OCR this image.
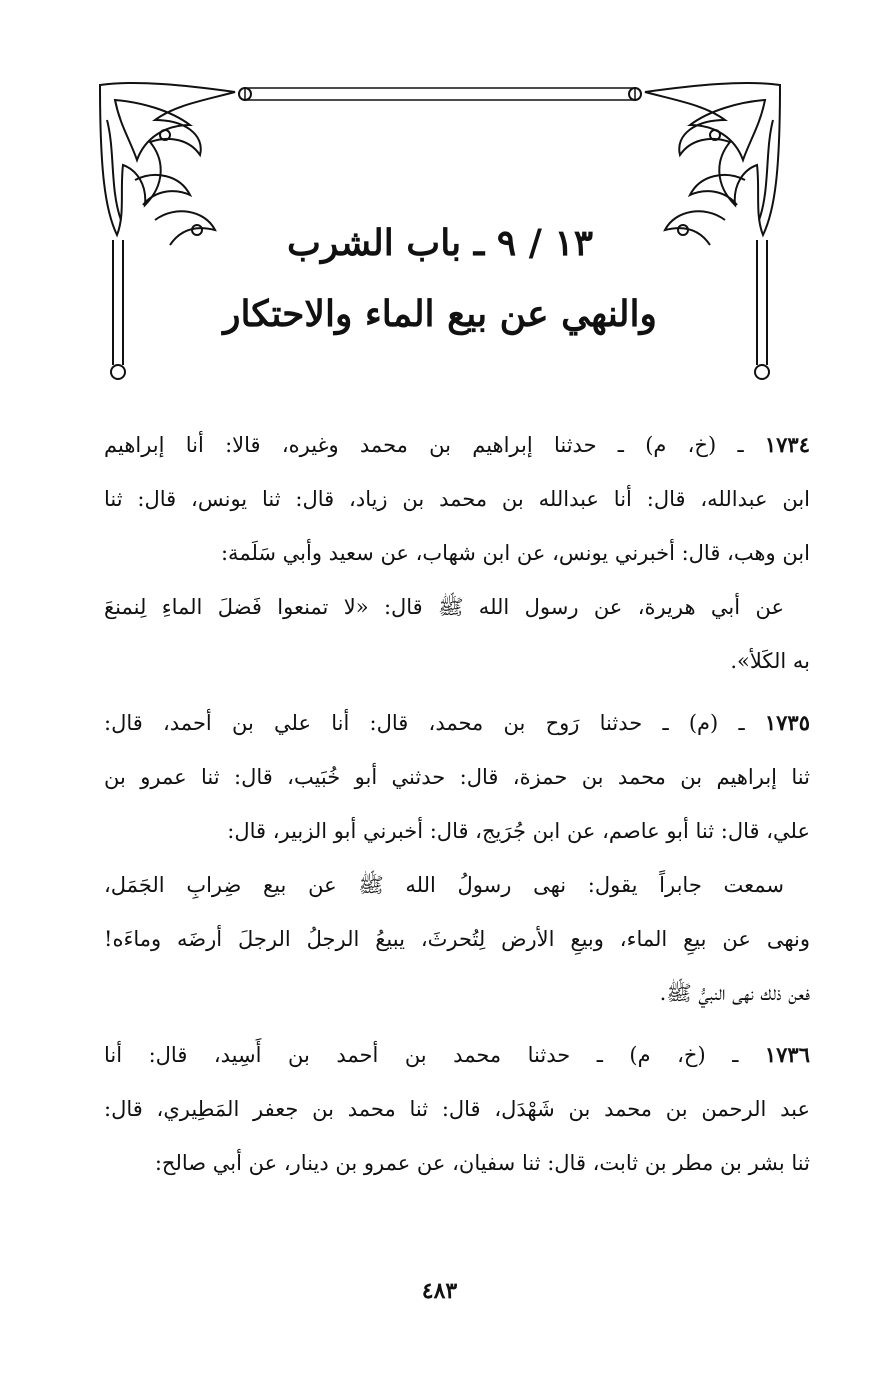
١٣ / ٩ ـ باب الشرب
والنهي عن بيع الماء والاحتكار
١٧٣٤ ـ (خ، م) ـ حدثنا إبراهيم بن محمد وغيره، قالا: أنا إبراهيم
ابن عبدالله، قال: أنا عبدالله بن محمد بن زياد، قال: ثنا يونس، قال: ثنا
ابن وهب، قال: أخبرني يونس، عن ابن شهاب، عن سعيد وأبي سَلَمة:
عن أبي هريرة، عن رسول الله ﷺ قال: «لا تمنعوا فَضلَ الماءِ لِنمنعَ
به الكَلأ».
١٧٣٥ ـ (م) ـ حدثنا رَوح بن محمد، قال: أنا علي بن أحمد، قال:
ثنا إبراهيم بن محمد بن حمزة، قال: حدثني أبو خُبَيب، قال: ثنا عمرو بن
علي، قال: ثنا أبو عاصم، عن ابن جُرَيج، قال: أخبرني أبو الزبير، قال:
سمعت جابراً يقول: نهى رسولُ الله ﷺ عن بيع ضِرابِ الجَمَل،
ونهى عن بيعِ الماء، وبيعِ الأرض لِتُحرثَ، يبيعُ الرجلُ الرجلَ أرضَه وماءَه!
فعن ذلك نهى النبيُّ ﷺ.
١٧٣٦ ـ (خ، م) ـ حدثنا محمد بن أحمد بن أَسِيد، قال: أنا
عبد الرحمن بن محمد بن شَهْدَل، قال: ثنا محمد بن جعفر المَطِيري، قال:
ثنا بشر بن مطر بن ثابت، قال: ثنا سفيان، عن عمرو بن دينار، عن أبي صالح:
٤٨٣
